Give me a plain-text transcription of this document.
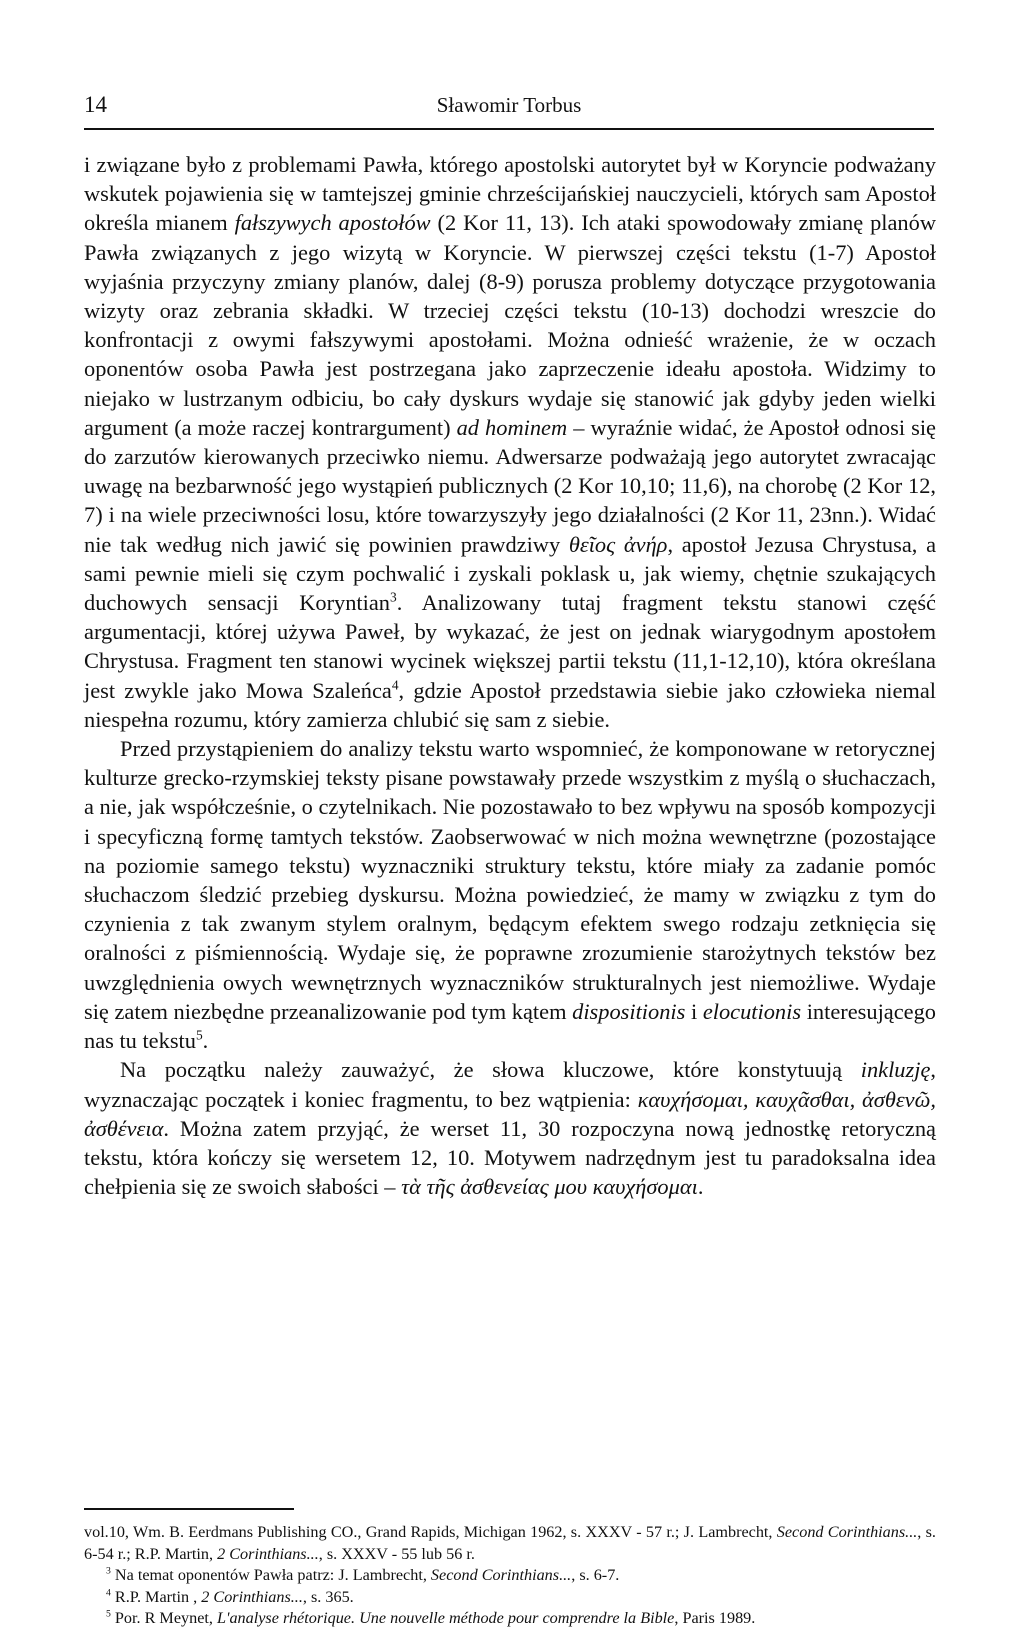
14	Sławomir Torbus

i związane było z problemami Pawła, którego apostolski autorytet był w Koryncie podważany wskutek pojawienia się w tamtejszej gminie chrześcijańskiej nauczycieli, których sam Apostoł określa mianem fałszywych apostołów (2 Kor 11, 13). Ich ataki spowodowały zmianę planów Pawła związanych z jego wizytą w Koryncie. W pierwszej części tekstu (1-7) Apostoł wyjaśnia przyczyny zmiany planów, dalej (8-9) porusza problemy dotyczące przygotowania wizyty oraz zebrania składki. W trzeciej części tekstu (10-13) dochodzi wreszcie do konfrontacji z owymi fałszywymi apostołami. Można odnieść wrażenie, że w oczach oponentów osoba Pawła jest postrzegana jako zaprzeczenie ideału apostoła. Widzimy to niejako w lustrzanym odbiciu, bo cały dyskurs wydaje się stanowić jak gdyby jeden wielki argument (a może raczej kontrargument) ad hominem – wyraźnie widać, że Apostoł odnosi się do zarzutów kierowanych przeciwko niemu. Adwersarze podważają jego autorytet zwracając uwagę na bezbarwność jego wystąpień publicznych (2 Kor 10,10; 11,6), na chorobę (2 Kor 12, 7) i na wiele przeciwności losu, które towarzyszyły jego działalności (2 Kor 11, 23nn.). Widać nie tak według nich jawić się powinien prawdziwy θεῖος ἀνήρ, apostoł Jezusa Chrystusa, a sami pewnie mieli się czym pochwalić i zyskali poklask u, jak wiemy, chętnie szukających duchowych sensacji Koryntian$^3$. Analizowany tutaj fragment tekstu stanowi część argumentacji, której używa Paweł, by wykazać, że jest on jednak wiarygodnym apostołem Chrystusa. Fragment ten stanowi wycinek większej partii tekstu (11,1-12,10), która określana jest zwykle jako Mowa Szaleńca$^4$, gdzie Apostoł przedstawia siebie jako człowieka niemal niespełna rozumu, który zamierza chlubić się sam z siebie.

Przed przystąpieniem do analizy tekstu warto wspomnieć, że komponowane w retorycznej kulturze grecko-rzymskiej teksty pisane powstawały przede wszystkim z myślą o słuchaczach, a nie, jak współcześnie, o czytelnikach. Nie pozostawało to bez wpływu na sposób kompozycji i specyficzną formę tamtych tekstów. Zaobserwować w nich można wewnętrzne (pozostające na poziomie samego tekstu) wyznaczniki struktury tekstu, które miały za zadanie pomóc słuchaczom śledzić przebieg dyskursu. Można powiedzieć, że mamy w związku z tym do czynienia z tak zwanym stylem oralnym, będącym efektem swego rodzaju zetknięcia się oralności z piśmiennością. Wydaje się, że poprawne zrozumienie starożytnych tekstów bez uwzględnienia owych wewnętrznych wyznaczników strukturalnych jest niemożliwe. Wydaje się zatem niezbędne przeanalizowanie pod tym kątem dispositionis i elocutionis interesującego nas tu tekstu$^5$.

Na początku należy zauważyć, że słowa kluczowe, które konstytuują inkluzję, wyznaczając początek i koniec fragmentu, to bez wątpienia: καυχήσομαι, καυχᾶσθαι, ἀσθενῶ, ἀσθένεια. Można zatem przyjąć, że werset 11, 30 rozpoczyna nową jednostkę retoryczną tekstu, która kończy się wersetem 12, 10. Motywem nadrzędnym jest tu paradoksalna idea chełpienia się ze swoich słabości – τὰ τῆς ἀσθενείας μου καυχήσομαι.

vol.10, Wm. B. Eerdmans Publishing CO., Grand Rapids, Michigan 1962, s. XXXV - 57 r.; J. Lambrecht, Second Corinthians..., s. 6-54 r.; R.P. Martin, 2 Corinthians..., s. XXXV - 55 lub 56 r.

$^3$ Na temat oponentów Pawła patrz: J. Lambrecht, Second Corinthians..., s. 6-7.

$^4$ R.P. Martin , 2 Corinthians..., s. 365.

$^5$ Por. R Meynet, L'analyse rhétorique. Une nouvelle méthode pour comprendre la Bible, Paris 1989.
